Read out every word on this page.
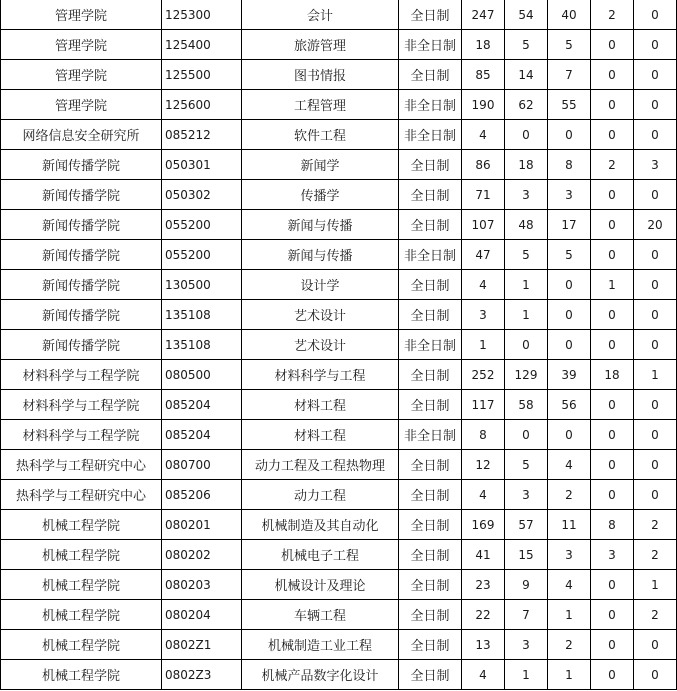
管理学院	125300	会计	全日制	247	54	40	2	0
管理学院	125400	旅游管理	非全日制	18	5	5	0	0
管理学院	125500	图书情报	全日制	85	14	7	0	0
管理学院	125600	工程管理	非全日制	190	62	55	0	0
网络信息安全研究所	085212	软件工程	非全日制	4	0	0	0	0
新闻传播学院	050301	新闻学	全日制	86	18	8	2	3
新闻传播学院	050302	传播学	全日制	71	3	3	0	0
新闻传播学院	055200	新闻与传播	全日制	107	48	17	0	20
新闻传播学院	055200	新闻与传播	非全日制	47	5	5	0	0
新闻传播学院	130500	设计学	全日制	4	1	0	1	0
新闻传播学院	135108	艺术设计	全日制	3	1	0	0	0
新闻传播学院	135108	艺术设计	非全日制	1	0	0	0	0
材料科学与工程学院	080500	材料科学与工程	全日制	252	129	39	18	1
材料科学与工程学院	085204	材料工程	全日制	117	58	56	0	0
材料科学与工程学院	085204	材料工程	非全日制	8	0	0	0	0
热科学与工程研究中心	080700	动力工程及工程热物理	全日制	12	5	4	0	0
热科学与工程研究中心	085206	动力工程	全日制	4	3	2	0	0
机械工程学院	080201	机械制造及其自动化	全日制	169	57	11	8	2
机械工程学院	080202	机械电子工程	全日制	41	15	3	3	2
机械工程学院	080203	机械设计及理论	全日制	23	9	4	0	1
机械工程学院	080204	车辆工程	全日制	22	7	1	0	2
机械工程学院	0802Z1	机械制造工业工程	全日制	13	3	2	0	0
机械工程学院	0802Z3	机械产品数字化设计	全日制	4	1	1	0	0
